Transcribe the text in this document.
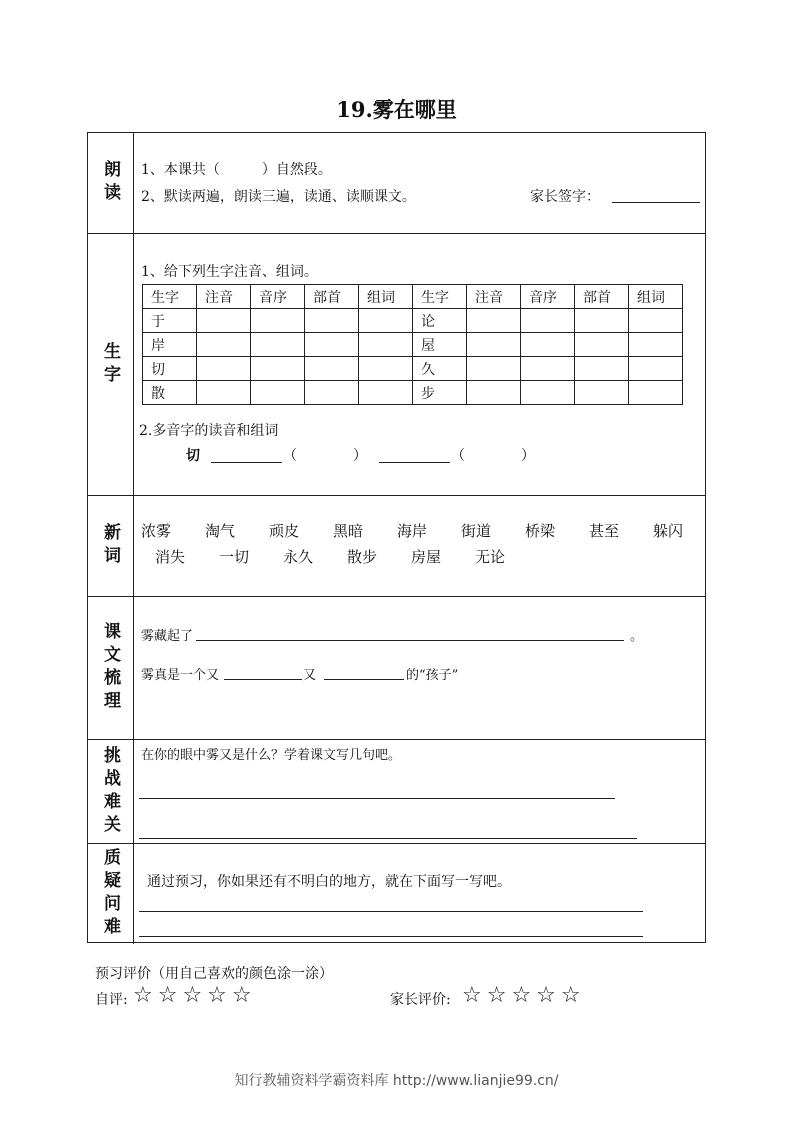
19.雾在哪里
朗读 1、本课共（　　　）自然段。
2、默读两遍，朗读三遍，读通、读顺课文。	家长签字：
生字
1、给下列生字注音、组词。
生字	注音	音序	部首	组词	生字	注音	音序	部首	组词
于					论				
岸					屋				
切					久				
散					步				
2.多音字的读音和组词
切	（　　　　）	（　　　　）
新词 浓雾 淘气 顽皮 黑暗 海岸 街道 桥梁 甚至 躲闪
消失 一切 永久 散步 房屋 无论
课文梳理 雾藏起了	。
雾真是一个又	又	的“孩子”
挑战难关 在你的眼中雾又是什么？学着课文写几句吧。
质疑问难 通过预习，你如果还有不明白的地方，就在下面写一写吧。
预习评价（用自己喜欢的颜色涂一涂）
自评: ☆☆☆☆☆	家长评价: ☆☆☆☆☆
知行教辅资料学霸资料库 http://www.lianjie99.cn/
